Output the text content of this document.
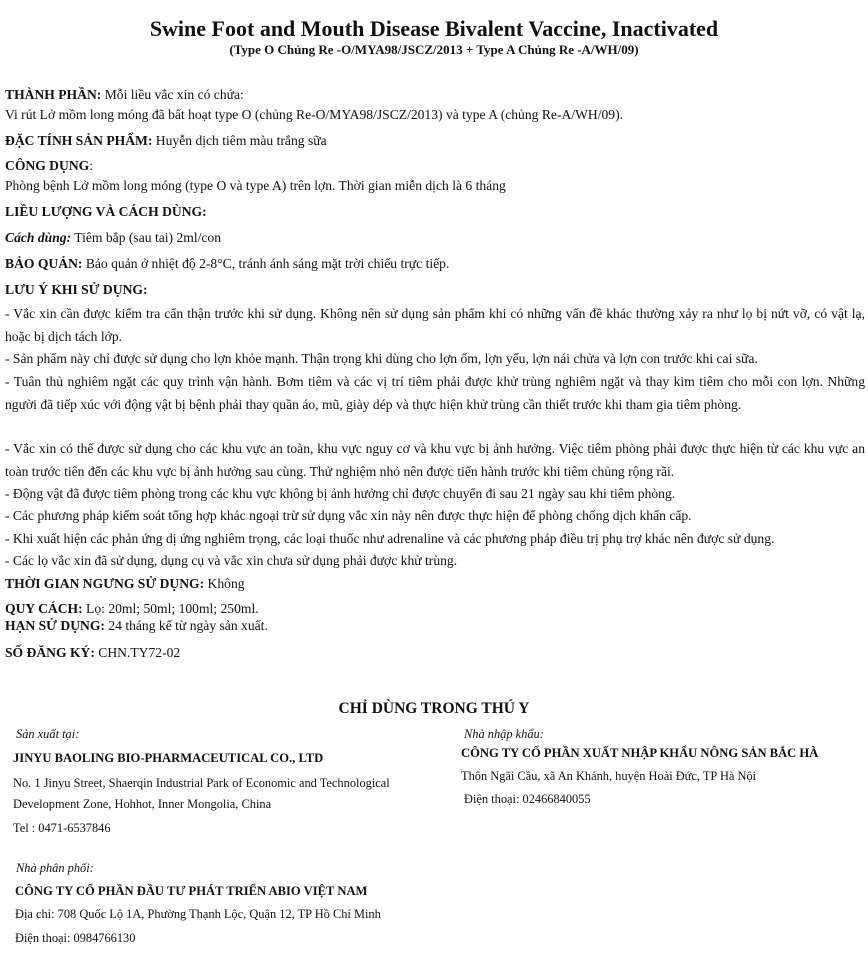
Swine Foot and Mouth Disease Bivalent Vaccine, Inactivated
(Type O Chủng Re -O/MYA98/JSCZ/2013 + Type A Chủng Re -A/WH/09)
THÀNH PHẦN: Mỗi liều vắc xin có chứa:
Vi rút Lở mồm long móng đã bất hoạt type O (chủng Re-O/MYA98/JSCZ/2013) và type A (chủng Re-A/WH/09).
ĐẶC TÍNH SẢN PHẨM: Huyễn dịch tiêm màu trắng sữa
CÔNG DỤNG:
Phòng bệnh Lở mồm long móng (type O và type A) trên lợn. Thời gian miễn dịch là 6 tháng
LIỀU LƯỢNG VÀ CÁCH DÙNG:
Cách dùng: Tiêm bắp (sau tai) 2ml/con
BẢO QUẢN: Bảo quản ở nhiệt độ 2-8°C, tránh ánh sáng mặt trời chiếu trực tiếp.
LƯU Ý KHI SỬ DỤNG:
- Vắc xin cần được kiểm tra cẩn thận trước khi sử dụng. Không nên sử dụng sản phẩm khi có những vấn đề khác thường xảy ra như lọ bị nứt vỡ, có vật lạ, hoặc bị dịch tách lớp.
- Sản phẩm này chỉ được sử dụng cho lợn khỏe mạnh. Thận trọng khi dùng cho lợn ốm, lợn yếu, lợn nái chửa và lợn con trước khi cai sữa.
- Tuân thủ nghiêm ngặt các quy trình vận hành. Bơm tiêm và các vị trí tiêm phải được khử trùng nghiêm ngặt và thay kim tiêm cho mỗi con lợn. Những người đã tiếp xúc với động vật bị bệnh phải thay quần áo, mũ, giày dép và thực hiện khử trùng cần thiết trước khi tham gia tiêm phòng.
- Vắc xin có thể được sử dụng cho các khu vực an toàn, khu vực nguy cơ và khu vực bị ảnh hưởng. Việc tiêm phòng phải được thực hiện từ các khu vực an toàn trước tiên đến các khu vực bị ảnh hưởng sau cùng. Thử nghiệm nhỏ nên được tiến hành trước khi tiêm chủng rộng rãi.
- Động vật đã được tiêm phòng trong các khu vực không bị ảnh hưởng chỉ được chuyển đi sau 21 ngày sau khi tiêm phòng.
- Các phương pháp kiểm soát tổng hợp khác ngoại trừ sử dụng vắc xin này nên được thực hiện để phòng chống dịch khẩn cấp.
- Khi xuất hiện các phản ứng dị ứng nghiêm trọng, các loại thuốc như adrenaline và các phương pháp điều trị phụ trợ khác nên được sử dụng.
- Các lọ vắc xin đã sử dụng, dụng cụ và vắc xin chưa sử dụng phải được khử trùng.
THỜI GIAN NGƯNG SỬ DỤNG: Không
QUY CÁCH: Lọ: 20ml; 50ml; 100ml; 250ml.
HẠN SỬ DỤNG: 24 tháng kể từ ngày sản xuất.
SỐ ĐĂNG KÝ: CHN.TY72-02
CHỈ DÙNG TRONG THÚ Y
Sản xuất tại:
JINYU BAOLING BIO-PHARMACEUTICAL CO., LTD
No. 1 Jinyu Street, Shaerqin Industrial Park of Economic and Technological
Development Zone, Hohhot, Inner Mongolia, China
Tel : 0471-6537846
Nhà nhập khẩu:
CÔNG TY CỔ PHẦN XUẤT NHẬP KHẨU NÔNG SẢN BẮC HÀ
Thôn Ngãi Cầu, xã An Khánh, huyện Hoài Đức, TP Hà Nội
Điện thoại: 02466840055
Nhà phân phối:
CÔNG TY CỔ PHẦN ĐẦU TƯ PHÁT TRIỂN ABIO VIỆT NAM
Địa chỉ: 708 Quốc Lộ 1A, Phường Thạnh Lộc, Quận 12, TP Hồ Chí Minh
Điện thoại: 0984766130
